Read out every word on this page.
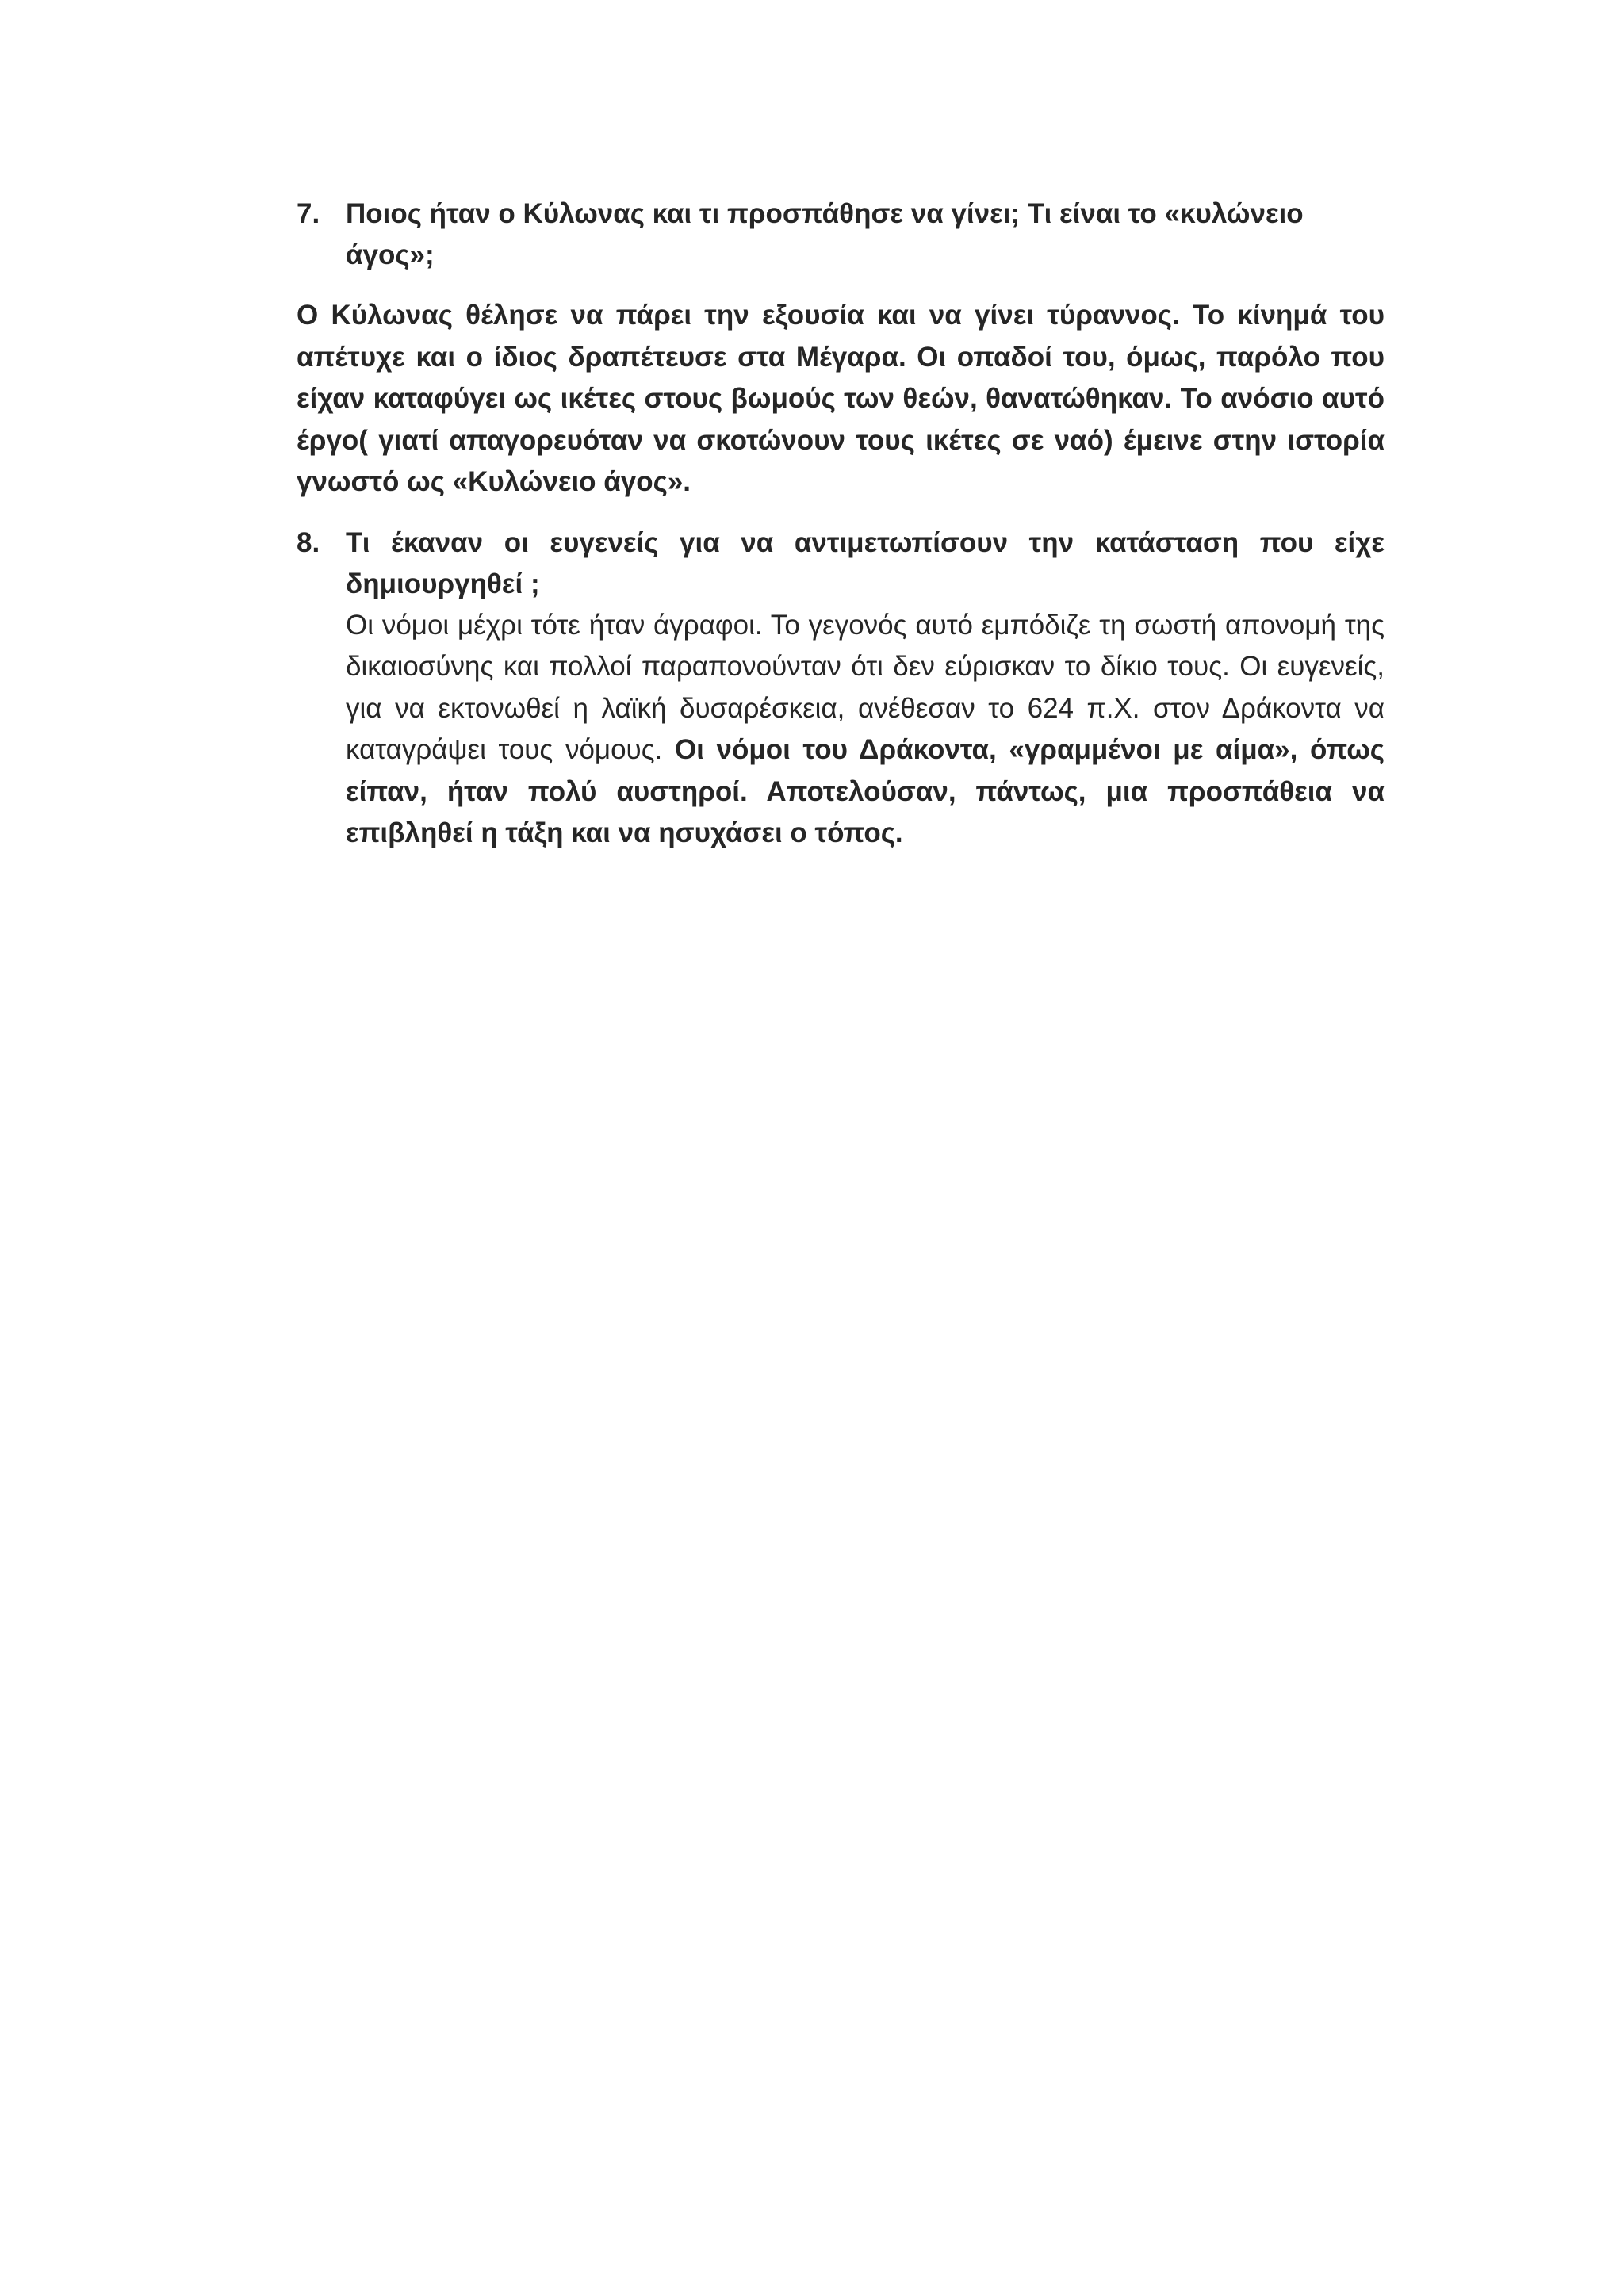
7. Ποιος ήταν ο Κύλωνας και τι προσπάθησε να γίνει; Τι είναι το «κυλώνειο άγος»;

Ο Κύλωνας θέλησε να πάρει την εξουσία και να γίνει τύραννος. Το κίνημά του απέτυχε και ο ίδιος δραπέτευσε στα Μέγαρα. Οι οπαδοί του, όμως, παρόλο που είχαν καταφύγει ως ικέτες στους βωμούς των θεών, θανατώθηκαν. Το ανόσιο αυτό έργο( γιατί απαγορευόταν να σκοτώνουν τους ικέτες σε ναό) έμεινε στην ιστορία γνωστό ως «Κυλώνειο άγος».

8. Τι έκαναν οι ευγενείς για να αντιμετωπίσουν την κατάσταση που είχε δημιουργηθεί ;

Οι νόμοι μέχρι τότε ήταν άγραφοι. Το γεγονός αυτό εμπόδιζε τη σωστή απονομή της δικαιοσύνης και πολλοί παραπονούνταν ότι δεν εύρισκαν το δίκιο τους. Οι ευγενείς, για να εκτονωθεί η λαϊκή δυσαρέσκεια, ανέθεσαν το 624 π.Χ. στον Δράκοντα να καταγράψει τους νόμους. Οι νόμοι του Δράκοντα, «γραμμένοι με αίμα», όπως είπαν, ήταν πολύ αυστηροί. Αποτελούσαν, πάντως, μια προσπάθεια να επιβληθεί η τάξη και να ησυχάσει ο τόπος.
